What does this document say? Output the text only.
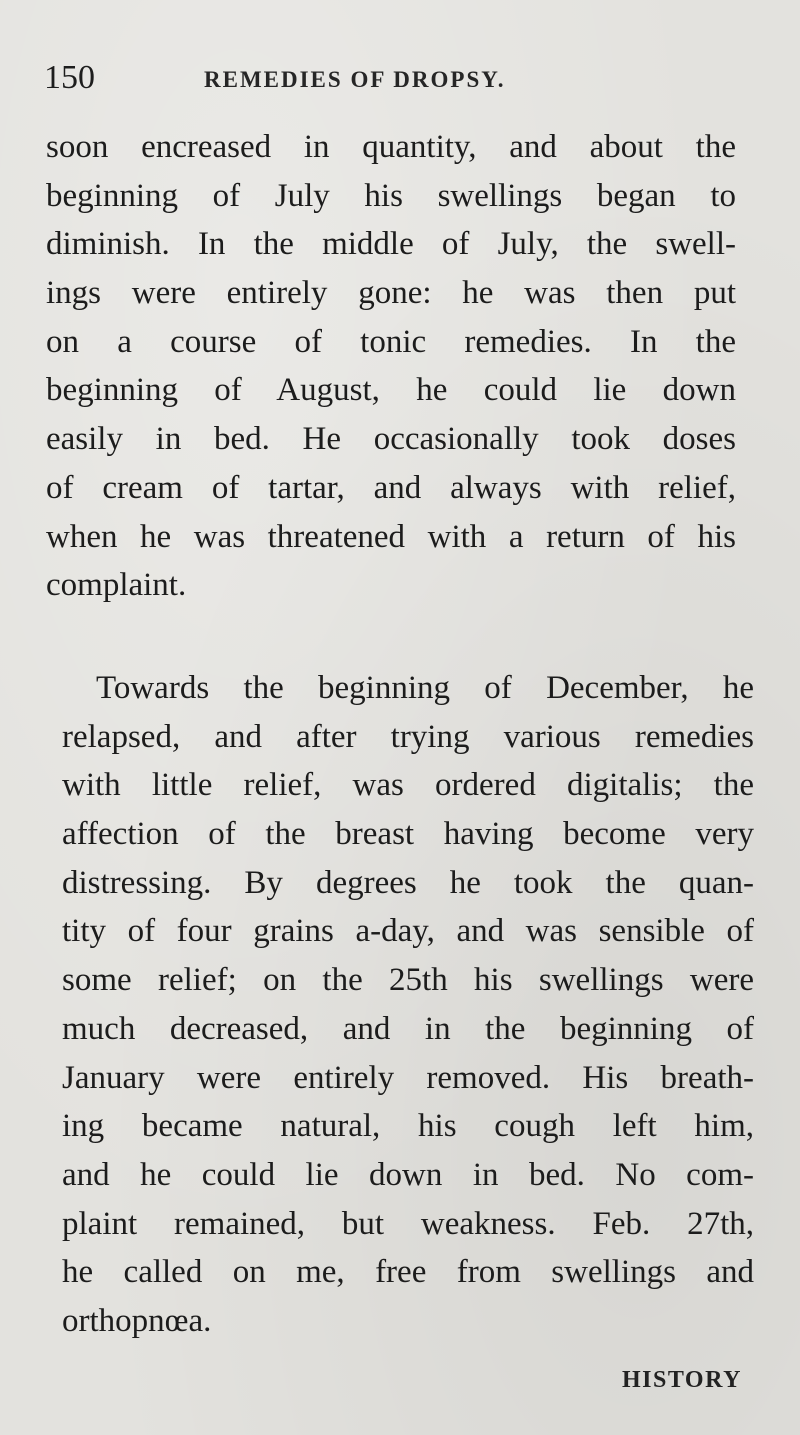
150	REMEDIES OF DROPSY.
soon encreased in quantity, and about the
beginning of July his swellings began to
diminish. In the middle of July, the swell-
ings were entirely gone: he was then put
on a course of tonic remedies. In the
beginning of August, he could lie down
easily in bed. He occasionally took doses
of cream of tartar, and always with relief,
when he was threatened with a return of his
complaint.
Towards the beginning of December, he
relapsed, and after trying various remedies
with little relief, was ordered digitalis; the
affection of the breast having become very
distressing. By degrees he took the quan-
tity of four grains a-day, and was sensible of
some relief; on the 25th his swellings were
much decreased, and in the beginning of
January were entirely removed. His breath-
ing became natural, his cough left him,
and he could lie down in bed. No com-
plaint remained, but weakness. Feb. 27th,
he called on me, free from swellings and
orthopnœa.
HISTORY
